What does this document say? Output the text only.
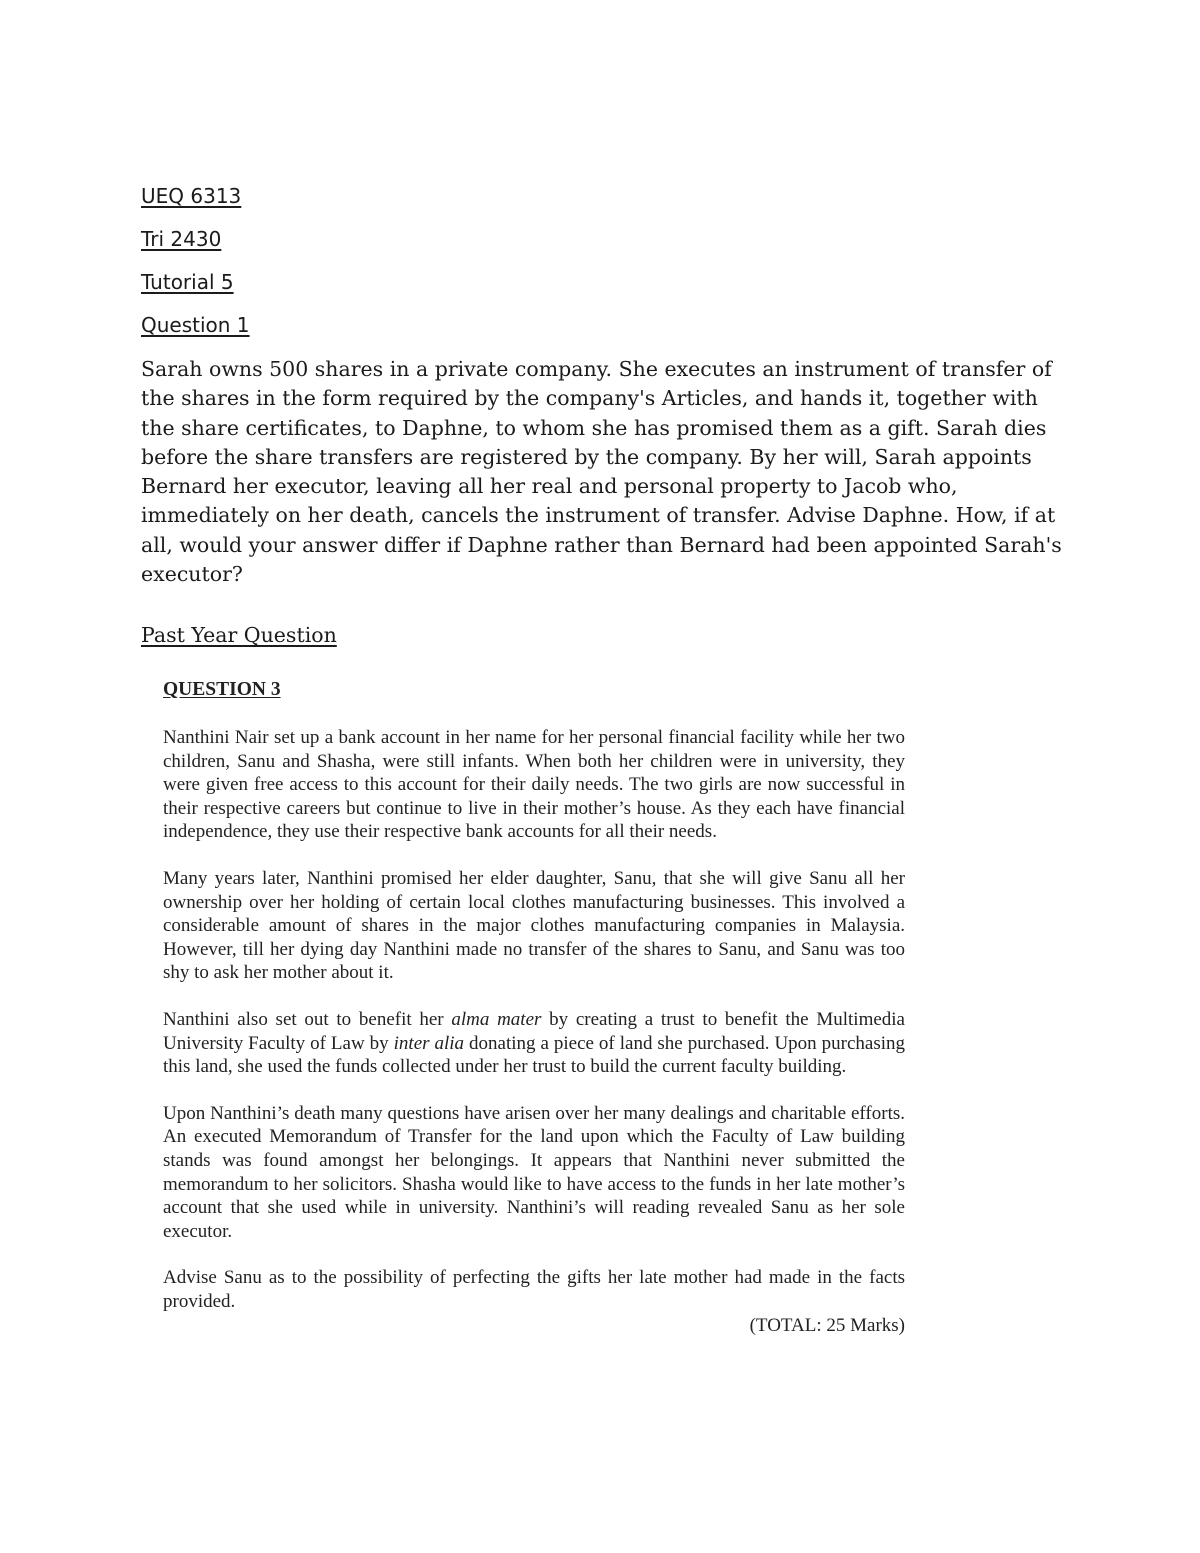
UEQ 6313
Tri 2430
Tutorial 5
Question 1
Sarah owns 500 shares in a private company. She executes an instrument of transfer of the shares in the form required by the company's Articles, and hands it, together with the share certificates, to Daphne, to whom she has promised them as a gift. Sarah dies before the share transfers are registered by the company. By her will, Sarah appoints Bernard her executor, leaving all her real and personal property to Jacob who, immediately on her death, cancels the instrument of transfer. Advise Daphne. How, if at all, would your answer differ if Daphne rather than Bernard had been appointed Sarah's executor?
Past Year Question
QUESTION 3

Nanthini Nair set up a bank account in her name for her personal financial facility while her two children, Sanu and Shasha, were still infants. When both her children were in university, they were given free access to this account for their daily needs. The two girls are now successful in their respective careers but continue to live in their mother’s house. As they each have financial independence, they use their respective bank accounts for all their needs.

Many years later, Nanthini promised her elder daughter, Sanu, that she will give Sanu all her ownership over her holding of certain local clothes manufacturing businesses. This involved a considerable amount of shares in the major clothes manufacturing companies in Malaysia. However, till her dying day Nanthini made no transfer of the shares to Sanu, and Sanu was too shy to ask her mother about it.

Nanthini also set out to benefit her alma mater by creating a trust to benefit the Multimedia University Faculty of Law by inter alia donating a piece of land she purchased. Upon purchasing this land, she used the funds collected under her trust to build the current faculty building.

Upon Nanthini’s death many questions have arisen over her many dealings and charitable efforts. An executed Memorandum of Transfer for the land upon which the Faculty of Law building stands was found amongst her belongings. It appears that Nanthini never submitted the memorandum to her solicitors. Shasha would like to have access to the funds in her late mother’s account that she used while in university. Nanthini’s will reading revealed Sanu as her sole executor.

Advise Sanu as to the possibility of perfecting the gifts her late mother had made in the facts provided.

(TOTAL: 25 Marks)
